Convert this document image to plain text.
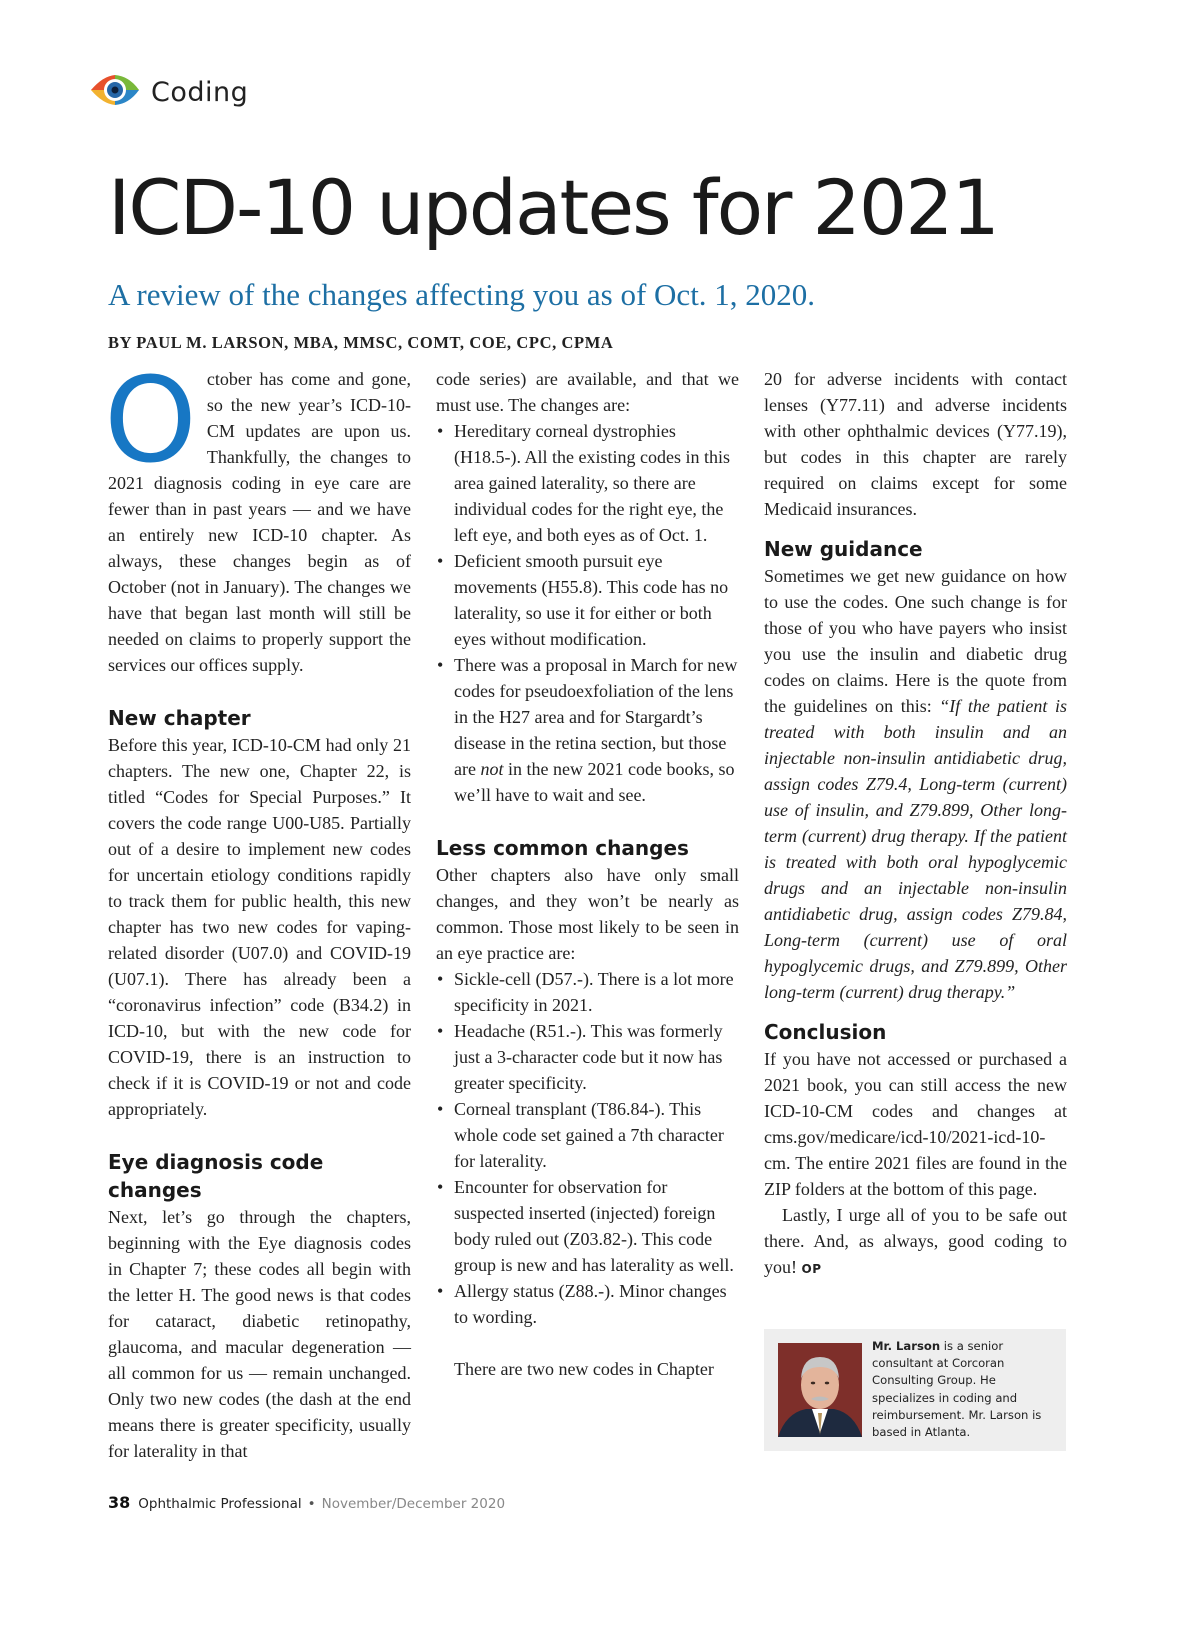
Coding
ICD-10 updates for 2021
A review of the changes affecting you as of Oct. 1, 2020.
BY PAUL M. LARSON, MBA, MMSC, COMT, COE, CPC, CPMA

October has come and gone, so the new year’s ICD-10-CM updates are upon us. Thankfully, the changes to 2021 diagnosis coding in eye care are fewer than in past years — and we have an entirely new ICD-10 chapter. As always, these changes begin as of October (not in January). The changes we have that began last month will still be needed on claims to properly support the services our offices supply.

New chapter

Before this year, ICD-10-CM had only 21 chapters. The new one, Chapter 22, is titled “Codes for Special Purposes.” It covers the code range U00-U85. Partially out of a desire to implement new codes for uncertain etiology conditions rapidly to track them for public health, this new chapter has two new codes for vaping-related disorder (U07.0) and COVID-19 (U07.1). There has already been a “coronavirus infection” code (B34.2) in ICD-10, but with the new code for COVID-19, there is an instruction to check if it is COVID-19 or not and code appropriately.

Eye diagnosis code changes

Next, let’s go through the chapters, beginning with the Eye diagnosis codes in Chapter 7; these codes all begin with the letter H. The good news is that codes for cataract, diabetic retinopathy, glaucoma, and macular degeneration — all common for us — remain unchanged. Only two new codes (the dash at the end means there is greater specificity, usually for laterality in that

code series) are available, and that we must use. The changes are:

• Hereditary corneal dystrophies (H18.5-). All the existing codes in this area gained laterality, so there are individual codes for the right eye, the left eye, and both eyes as of Oct. 1.
• Deficient smooth pursuit eye movements (H55.8). This code has no laterality, so use it for either or both eyes without modification.
• There was a proposal in March for new codes for pseudoexfoliation of the lens in the H27 area and for Stargardt’s disease in the retina section, but those are not in the new 2021 code books, so we’ll have to wait and see.
Less common changes

Other chapters also have only small changes, and they won’t be nearly as common. Those most likely to be seen in an eye practice are:

• Sickle-cell (D57.-). There is a lot more specificity in 2021.
• Headache (R51.-). This was formerly just a 3-character code but it now has greater specificity.
• Corneal transplant (T86.84-). This whole code set gained a 7th character for laterality.
• Encounter for observation for suspected inserted (injected) foreign body ruled out (Z03.82-). This code group is new and has laterality as well.
• Allergy status (Z88.-). Minor changes to wording.

There are two new codes in Chapter

20 for adverse incidents with contact lenses (Y77.11) and adverse incidents with other ophthalmic devices (Y77.19), but codes in this chapter are rarely required on claims except for some Medicaid insurances.

New guidance

Sometimes we get new guidance on how to use the codes. One such change is for those of you who have payers who insist you use the insulin and diabetic drug codes on claims. Here is the quote from the guidelines on this: “If the patient is treated with both insulin and an injectable non-insulin antidiabetic drug, assign codes Z79.4, Long-term (current) use of insulin, and Z79.899, Other long-term (current) drug therapy. If the patient is treated with both oral hypoglycemic drugs and an injectable non-insulin antidiabetic drug, assign codes Z79.84, Long-term (current) use of oral hypoglycemic drugs, and Z79.899, Other long-term (current) drug therapy.”

Conclusion

If you have not accessed or purchased a 2021 book, you can still access the new ICD-10-CM codes and changes at cms.gov/medicare/icd-10/2021-icd-10-cm. The entire 2021 files are found in the ZIP folders at the bottom of this page.

Lastly, I urge all of you to be safe out there. And, as always, good coding to you! OP

Mr. Larson is a senior consultant at Corcoran Consulting Group. He specializes in coding and reimbursement. Mr. Larson is based in Atlanta.
38 Ophthalmic Professional • November/December 2020
